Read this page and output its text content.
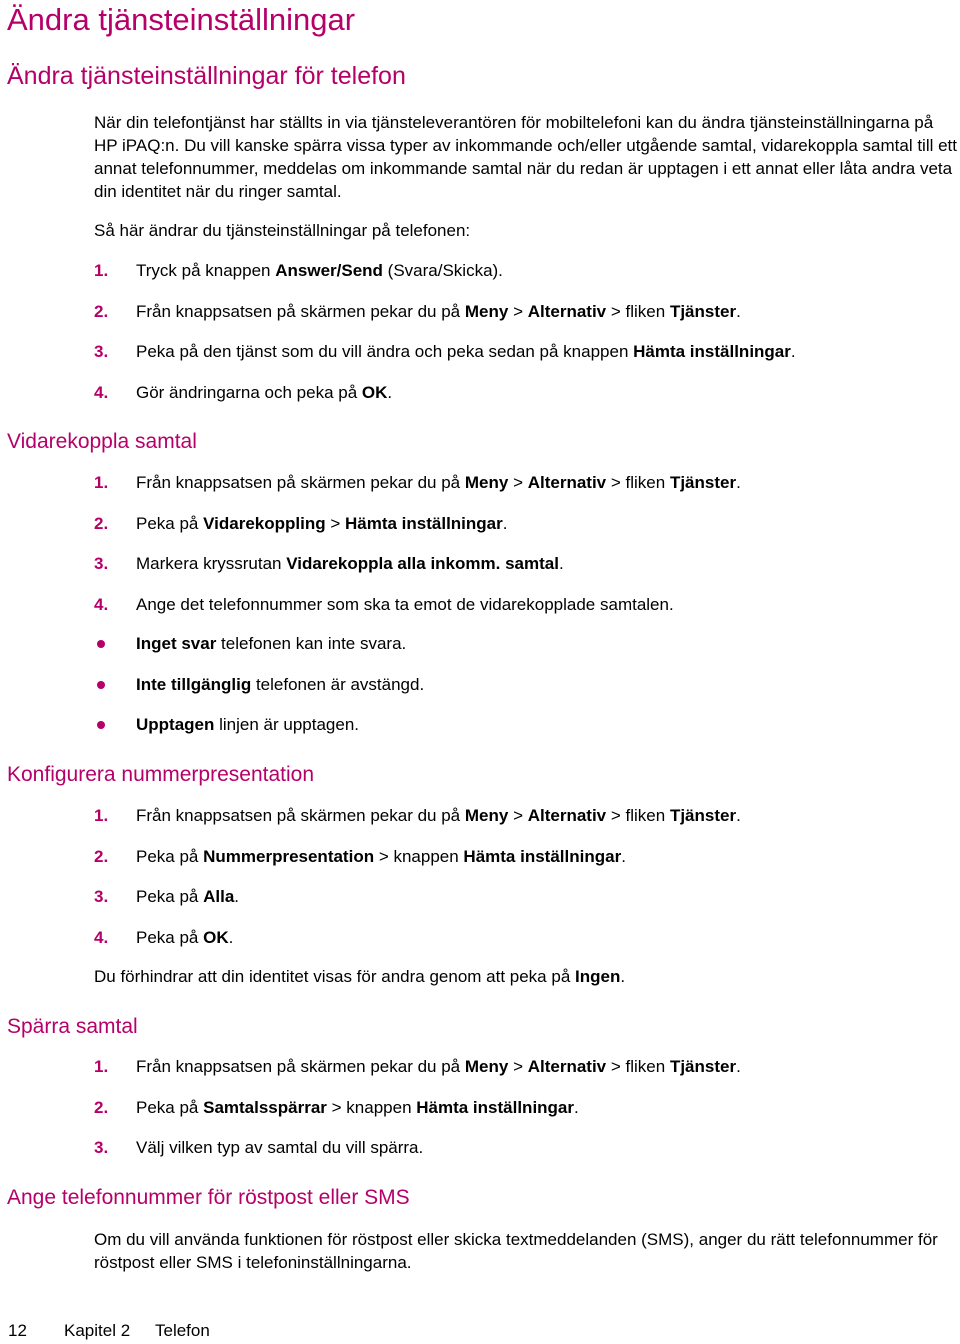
Ändra tjänsteinställningar
Ändra tjänsteinställningar för telefon
När din telefontjänst har ställts in via tjänsteleverantören för mobiltelefoni kan du ändra tjänsteinställningarna på HP iPAQ:n. Du vill kanske spärra vissa typer av inkommande och/eller utgående samtal, vidarekoppla samtal till ett annat telefonnummer, meddelas om inkommande samtal när du redan är upptagen i ett annat eller låta andra veta din identitet när du ringer samtal.
Så här ändrar du tjänsteinställningar på telefonen:
1. Tryck på knappen Answer/Send (Svara/Skicka).
2. Från knappsatsen på skärmen pekar du på Meny > Alternativ > fliken Tjänster.
3. Peka på den tjänst som du vill ändra och peka sedan på knappen Hämta inställningar.
4. Gör ändringarna och peka på OK.
Vidarekoppla samtal
1. Från knappsatsen på skärmen pekar du på Meny > Alternativ > fliken Tjänster.
2. Peka på Vidarekoppling > Hämta inställningar.
3. Markera kryssrutan Vidarekoppla alla inkomm. samtal.
4. Ange det telefonnummer som ska ta emot de vidarekopplade samtalen.
Inget svar telefonen kan inte svara.
Inte tillgänglig telefonen är avstängd.
Upptagen linjen är upptagen.
Konfigurera nummerpresentation
1. Från knappsatsen på skärmen pekar du på Meny > Alternativ > fliken Tjänster.
2. Peka på Nummerpresentation > knappen Hämta inställningar.
3. Peka på Alla.
4. Peka på OK.
Du förhindrar att din identitet visas för andra genom att peka på Ingen.
Spärra samtal
1. Från knappsatsen på skärmen pekar du på Meny > Alternativ > fliken Tjänster.
2. Peka på Samtalsspärrar > knappen Hämta inställningar.
3. Välj vilken typ av samtal du vill spärra.
Ange telefonnummer för röstpost eller SMS
Om du vill använda funktionen för röstpost eller skicka textmeddelanden (SMS), anger du rätt telefonnummer för röstpost eller SMS i telefoninställningarna.
12 Kapitel 2 Telefon
